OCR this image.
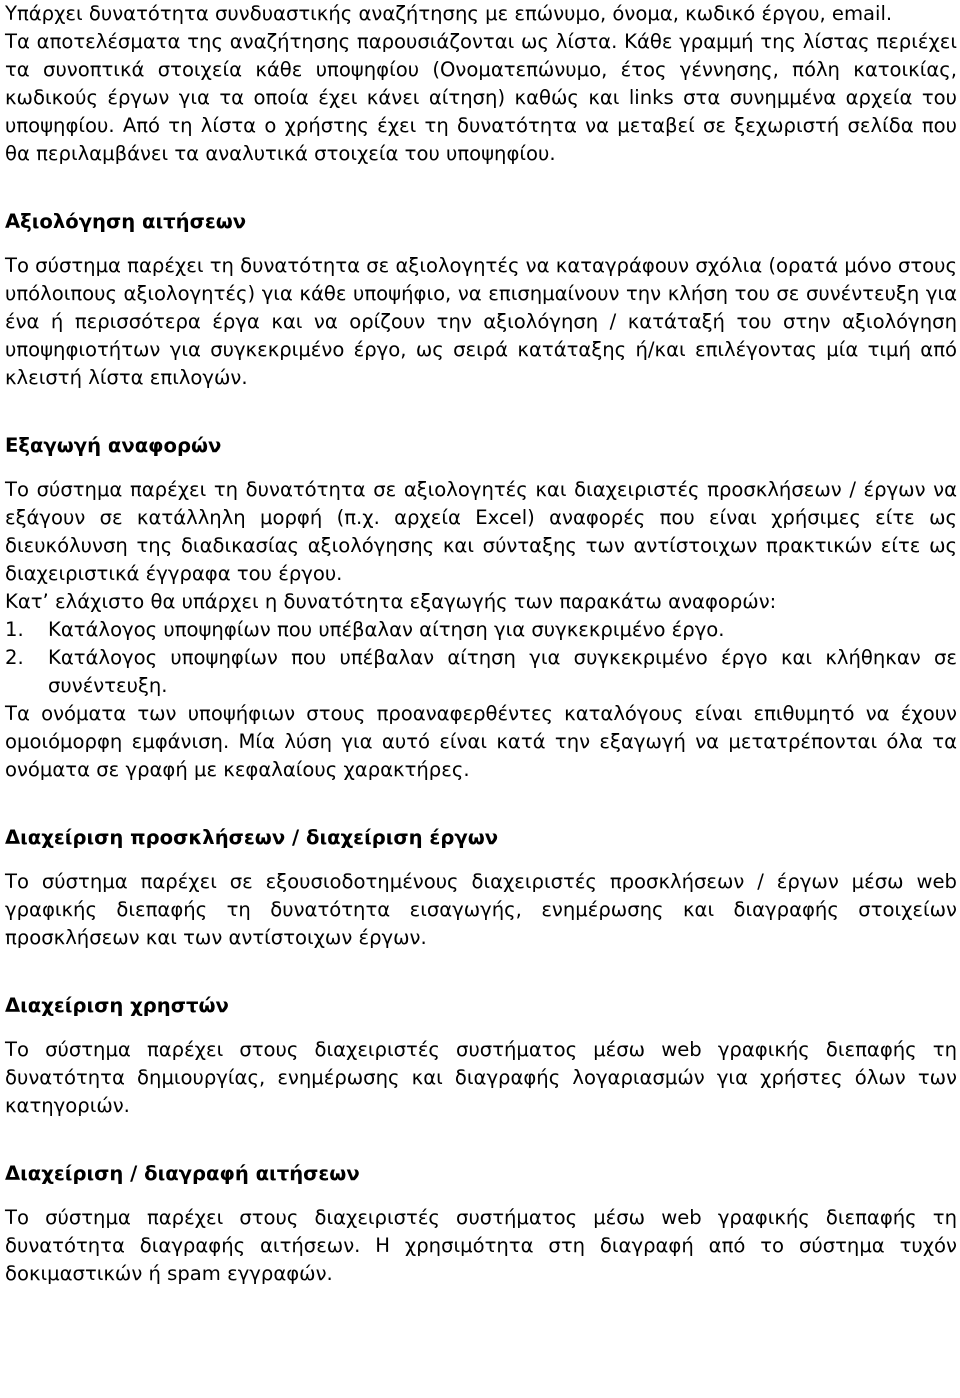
Υπάρχει δυνατότητα συνδυαστικής αναζήτησης με επώνυμο, όνομα, κωδικό έργου, email.

Τα αποτελέσματα της αναζήτησης παρουσιάζονται ως λίστα. Κάθε γραμμή της λίστας περιέχει τα συνοπτικά στοιχεία κάθε υποψηφίου (Ονοματεπώνυμο, έτος γέννησης, πόλη κατοικίας, κωδικούς έργων για τα οποία έχει κάνει αίτηση) καθώς και links στα συνημμένα αρχεία του υποψηφίου. Από τη λίστα ο χρήστης έχει τη δυνατότητα να μεταβεί σε ξεχωριστή σελίδα που θα περιλαμβάνει τα αναλυτικά στοιχεία του υποψηφίου.

Αξιολόγηση αιτήσεων

Το σύστημα παρέχει τη δυνατότητα σε αξιολογητές να καταγράφουν σχόλια (ορατά μόνο στους υπόλοιπους αξιολογητές) για κάθε υποψήφιο, να επισημαίνουν την κλήση του σε συνέντευξη για ένα ή περισσότερα έργα και να ορίζουν την αξιολόγηση / κατάταξή του στην αξιολόγηση υποψηφιοτήτων για συγκεκριμένο έργο, ως σειρά κατάταξης ή/και επιλέγοντας μία τιμή από κλειστή λίστα επιλογών.

Εξαγωγή αναφορών

Το σύστημα παρέχει τη δυνατότητα σε αξιολογητές και διαχειριστές προσκλήσεων / έργων να εξάγουν σε κατάλληλη μορφή (π.χ. αρχεία Excel) αναφορές που είναι χρήσιμες είτε ως διευκόλυνση της διαδικασίας αξιολόγησης και σύνταξης των αντίστοιχων πρακτικών είτε ως διαχειριστικά έγγραφα του έργου.

Κατ’ ελάχιστο θα υπάρχει η δυνατότητα εξαγωγής των παρακάτω αναφορών:

1. Κατάλογος υποψηφίων που υπέβαλαν αίτηση για συγκεκριμένο έργο.
2. Κατάλογος υποψηφίων που υπέβαλαν αίτηση για συγκεκριμένο έργο και κλήθηκαν σε συνέντευξη.

Τα ονόματα των υποψήφιων στους προαναφερθέντες καταλόγους είναι επιθυμητό να έχουν ομοιόμορφη εμφάνιση. Μία λύση για αυτό είναι κατά την εξαγωγή να μετατρέπονται όλα τα ονόματα σε γραφή με κεφαλαίους χαρακτήρες.

Διαχείριση προσκλήσεων / διαχείριση έργων

Το σύστημα παρέχει σε εξουσιοδοτημένους διαχειριστές προσκλήσεων / έργων μέσω web γραφικής διεπαφής τη δυνατότητα εισαγωγής, ενημέρωσης και διαγραφής στοιχείων προσκλήσεων και των αντίστοιχων έργων.

Διαχείριση χρηστών

Το σύστημα παρέχει στους διαχειριστές συστήματος μέσω web γραφικής διεπαφής τη δυνατότητα δημιουργίας, ενημέρωσης και διαγραφής λογαριασμών για χρήστες όλων των κατηγοριών.

Διαχείριση / διαγραφή αιτήσεων

Το σύστημα παρέχει στους διαχειριστές συστήματος μέσω web γραφικής διεπαφής τη δυνατότητα διαγραφής αιτήσεων. Η χρησιμότητα στη διαγραφή από το σύστημα τυχόν δοκιμαστικών ή spam εγγραφών.
